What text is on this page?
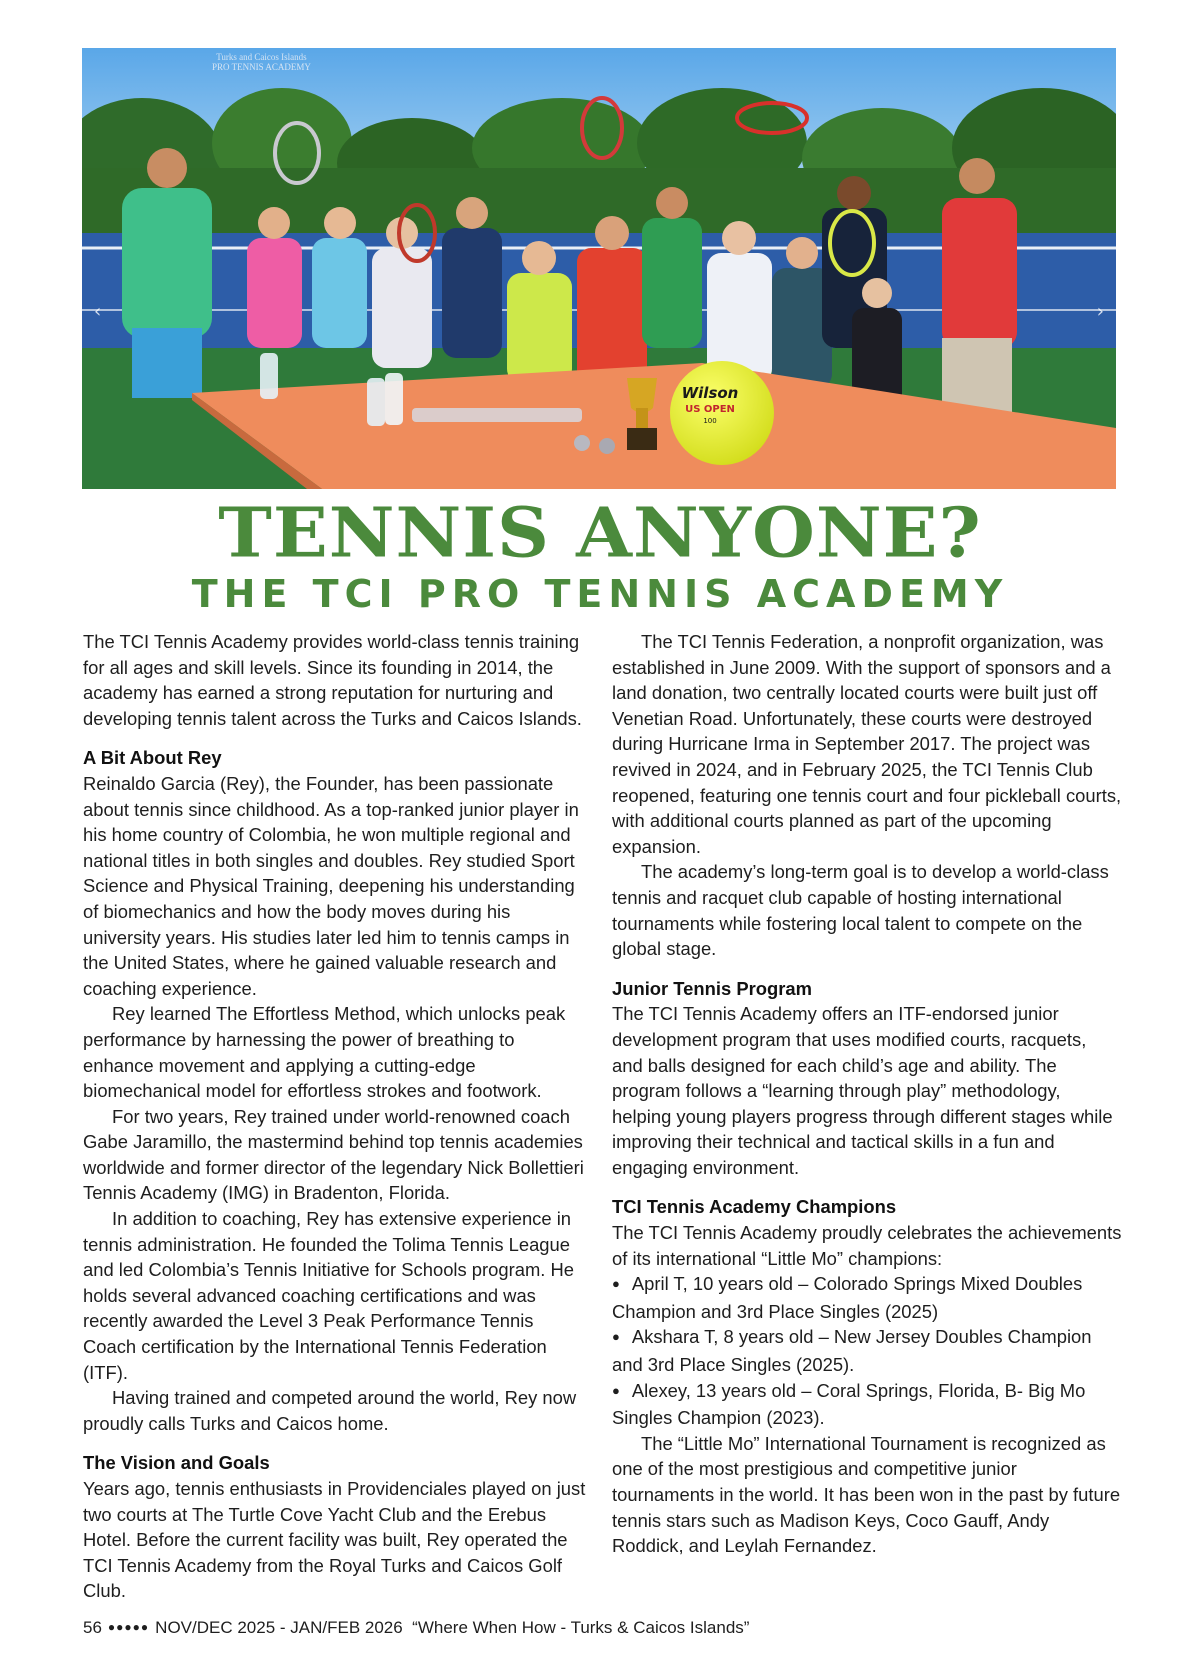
Wilson
US OPEN
100
Turks and Caicos Islands
PRO TENNIS ACADEMY
‹	›
TENNIS ANYONE?
THE TCI PRO TENNIS ACADEMY

The TCI Tennis Academy provides world-class tennis training for all ages and skill levels. Since its founding in 2014, the academy has earned a strong reputation for nurturing and developing tennis talent across the Turks and Caicos Islands.

A Bit About Rey

Reinaldo Garcia (Rey), the Founder, has been passionate about tennis since childhood. As a top-ranked junior player in his home country of Colombia, he won multiple regional and national titles in both singles and doubles. Rey studied Sport Science and Physical Training, deepening his understanding of biomechanics and how the body moves during his university years. His studies later led him to tennis camps in the United States, where he gained valuable research and coaching experience.

Rey learned The Effortless Method, which unlocks peak performance by harnessing the power of breathing to enhance movement and applying a cutting-edge biomechanical model for effortless strokes and footwork.

For two years, Rey trained under world-renowned coach Gabe Jaramillo, the mastermind behind top tennis academies worldwide and former director of the legendary Nick Bollettieri Tennis Academy (IMG) in Bradenton, Florida.

In addition to coaching, Rey has extensive experience in tennis administration. He founded the Tolima Tennis League and led Colombia’s Tennis Initiative for Schools program. He holds several advanced coaching certifications and was recently awarded the Level 3 Peak Performance Tennis Coach certification by the International Tennis Federation (ITF).

Having trained and competed around the world, Rey now proudly calls Turks and Caicos home.

The Vision and Goals

Years ago, tennis enthusiasts in Providenciales played on just two courts at The Turtle Cove Yacht Club and the Erebus Hotel. Before the current facility was built, Rey operated the TCI Tennis Academy from the Royal Turks and Caicos Golf Club.

The TCI Tennis Federation, a nonprofit organization, was established in June 2009. With the support of sponsors and a land donation, two centrally located courts were built just off Venetian Road. Unfortunately, these courts were destroyed during Hurricane Irma in September 2017. The project was revived in 2024, and in February 2025, the TCI Tennis Club reopened, featuring one tennis court and four pickleball courts, with additional courts planned as part of the upcoming expansion.

The academy’s long-term goal is to develop a world-class tennis and racquet club capable of hosting international tournaments while fostering local talent to compete on the global stage.

Junior Tennis Program

The TCI Tennis Academy offers an ITF-endorsed junior development program that uses modified courts, racquets, and balls designed for each child’s age and ability. The program follows a “learning through play” methodology, helping young players progress through different stages while improving their technical and tactical skills in a fun and engaging environment.

TCI Tennis Academy Champions

The TCI Tennis Academy proudly celebrates the achievements of its international “Little Mo” champions:

● April T, 10 years old – Colorado Springs Mixed Doubles Champion and 3rd Place Singles (2025)

● Akshara T, 8 years old – New Jersey Doubles Champion and 3rd Place Singles (2025).

● Alexey, 13 years old – Coral Springs, Florida, B- Big Mo Singles Champion (2023).

The “Little Mo” International Tournament is recognized as one of the most prestigious and competitive junior tournaments in the world. It has been won in the past by future tennis stars such as Madison Keys, Coco Gauff, Andy Roddick, and Leylah Fernandez.

56 ●●●●● NOV/DEC 2025 - JAN/FEB 2026 “Where When How - Turks & Caicos Islands”
